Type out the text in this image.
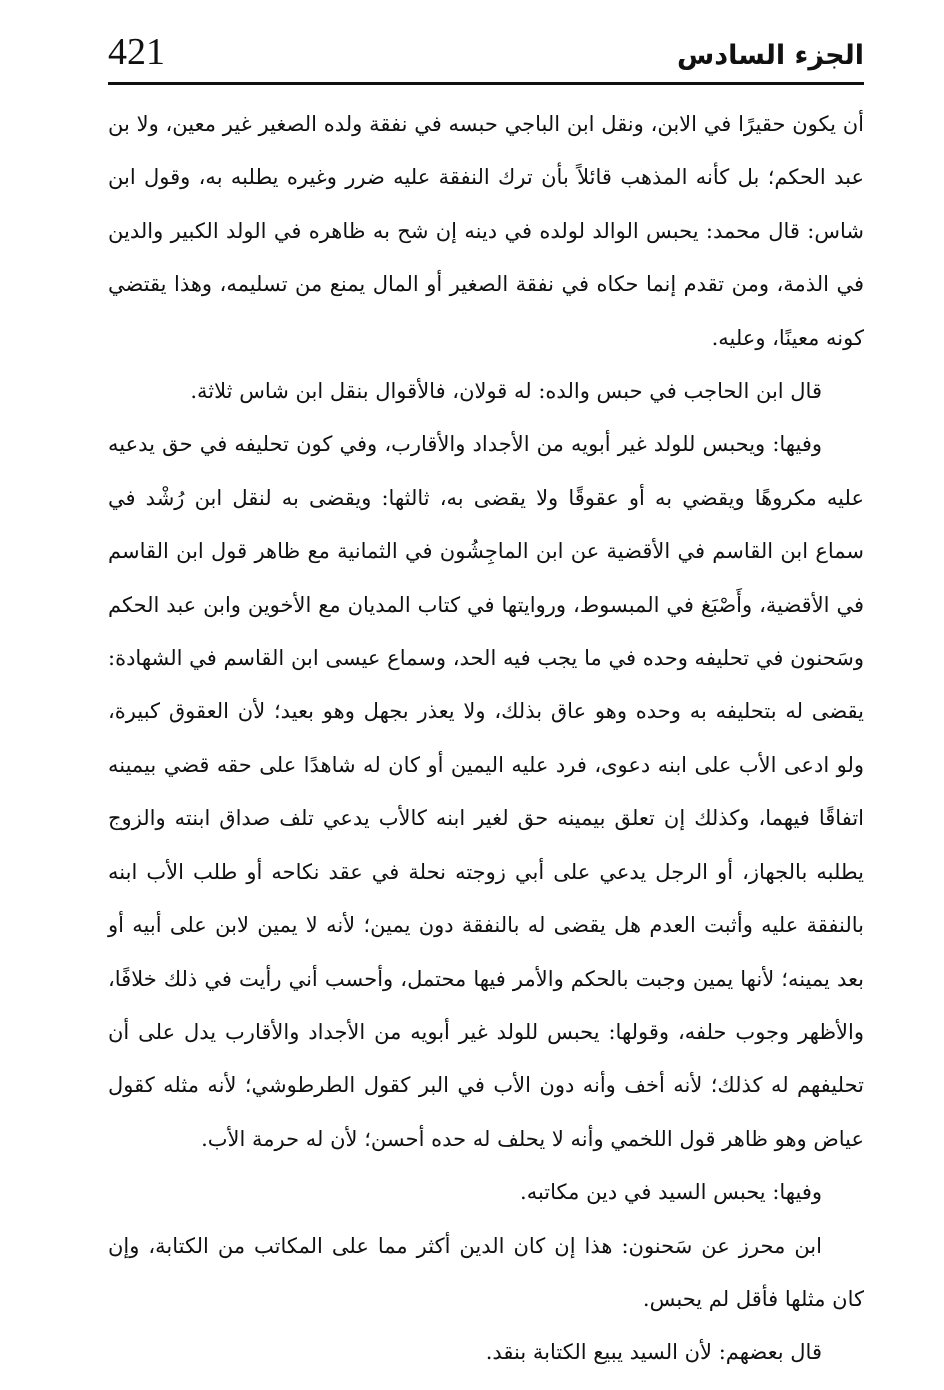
421	الجزء السادس

أن يكون حقيرًا في الابن، ونقل ابن الباجي حبسه في نفقة ولده الصغير غير معين، ولا بن عبد الحكم؛ بل كأنه المذهب قائلاً بأن ترك النفقة عليه ضرر وغيره يطلبه به، وقول ابن شاس: قال محمد: يحبس الوالد لولده في دينه إن شح به ظاهره في الولد الكبير والدين في الذمة، ومن تقدم إنما حكاه في نفقة الصغير أو المال يمنع من تسليمه، وهذا يقتضي كونه معينًا، وعليه.

قال ابن الحاجب في حبس والده: له قولان، فالأقوال بنقل ابن شاس ثلاثة.

وفيها: ويحبس للولد غير أبويه من الأجداد والأقارب، وفي كون تحليفه في حق يدعيه عليه مكروهًا ويقضي به أو عقوقًا ولا يقضى به، ثالثها: ويقضى به لنقل ابن رُشْد في سماع ابن القاسم في الأقضية عن ابن الماجِشُون في الثمانية مع ظاهر قول ابن القاسم في الأقضية، وأَصْبَغ في المبسوط، وروايتها في كتاب المديان مع الأخوين وابن عبد الحكم وسَحنون في تحليفه وحده في ما يجب فيه الحد، وسماع عيسى ابن القاسم في الشهادة: يقضى له بتحليفه به وحده وهو عاق بذلك، ولا يعذر بجهل وهو بعيد؛ لأن العقوق كبيرة، ولو ادعى الأب على ابنه دعوى، فرد عليه اليمين أو كان له شاهدًا على حقه قضي بيمينه اتفاقًا فيهما، وكذلك إن تعلق بيمينه حق لغير ابنه كالأب يدعي تلف صداق ابنته والزوج يطلبه بالجهاز، أو الرجل يدعي على أبي زوجته نحلة في عقد نكاحه أو طلب الأب ابنه بالنفقة عليه وأثبت العدم هل يقضى له بالنفقة دون يمين؛ لأنه لا يمين لابن على أبيه أو بعد يمينه؛ لأنها يمين وجبت بالحكم والأمر فيها محتمل، وأحسب أني رأيت في ذلك خلافًا، والأظهر وجوب حلفه، وقولها: يحبس للولد غير أبويه من الأجداد والأقارب يدل على أن تحليفهم له كذلك؛ لأنه أخف وأنه دون الأب في البر كقول الطرطوشي؛ لأنه مثله كقول عياض وهو ظاهر قول اللخمي وأنه لا يحلف له حده أحسن؛ لأن له حرمة الأب.

وفيها: يحبس السيد في دين مكاتبه.

ابن محرز عن سَحنون: هذا إن كان الدين أكثر مما على المكاتب من الكتابة، وإن كان مثلها فأقل لم يحبس.

قال بعضهم: لأن السيد يبيع الكتابة بنقد.
